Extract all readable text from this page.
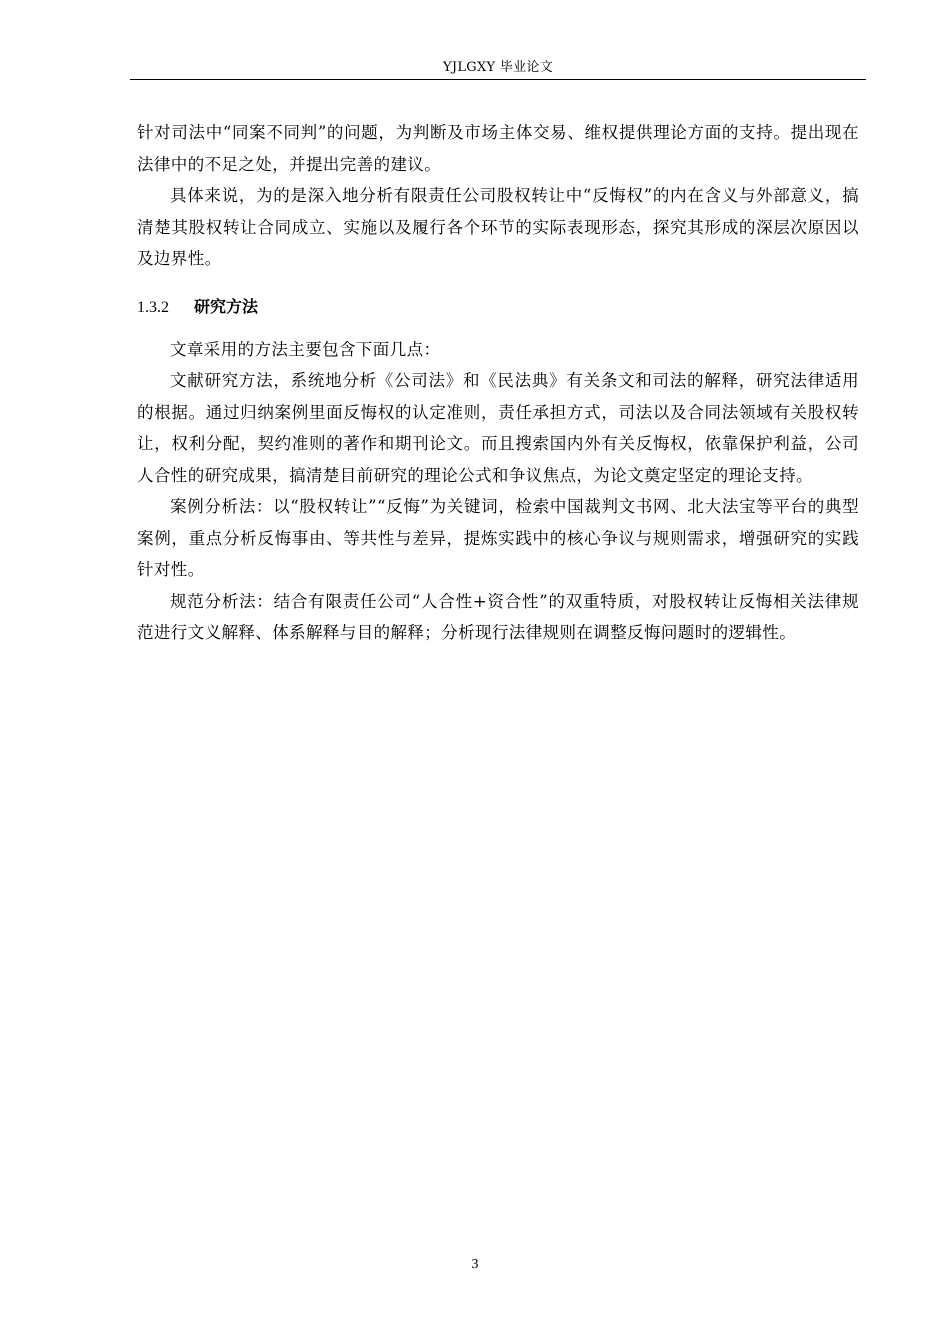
YJLGXY 毕业论文

针对司法中“同案不同判”的问题，为判断及市场主体交易、维权提供理论方面的支持。提出现在法律中的不足之处，并提出完善的建议。

具体来说，为的是深入地分析有限责任公司股权转让中“反悔权”的内在含义与外部意义，搞清楚其股权转让合同成立、实施以及履行各个环节的实际表现形态，探究其形成的深层次原因以及边界性。

1.3.2 研究方法

文章采用的方法主要包含下面几点：

文献研究方法，系统地分析《公司法》和《民法典》有关条文和司法的解释，研究法律适用的根据。通过归纳案例里面反悔权的认定准则，责任承担方式，司法以及合同法领域有关股权转让，权利分配，契约准则的著作和期刊论文。而且搜索国内外有关反悔权，依靠保护利益，公司人合性的研究成果，搞清楚目前研究的理论公式和争议焦点，为论文奠定坚定的理论支持。

案例分析法：以“股权转让”“反悔”为关键词，检索中国裁判文书网、北大法宝等平台的典型案例，重点分析反悔事由、等共性与差异，提炼实践中的核心争议与规则需求，增强研究的实践针对性。

规范分析法：结合有限责任公司“人合性+资合性”的双重特质，对股权转让反悔相关法律规范进行文义解释、体系解释与目的解释；分析现行法律规则在调整反悔问题时的逻辑性。

3
